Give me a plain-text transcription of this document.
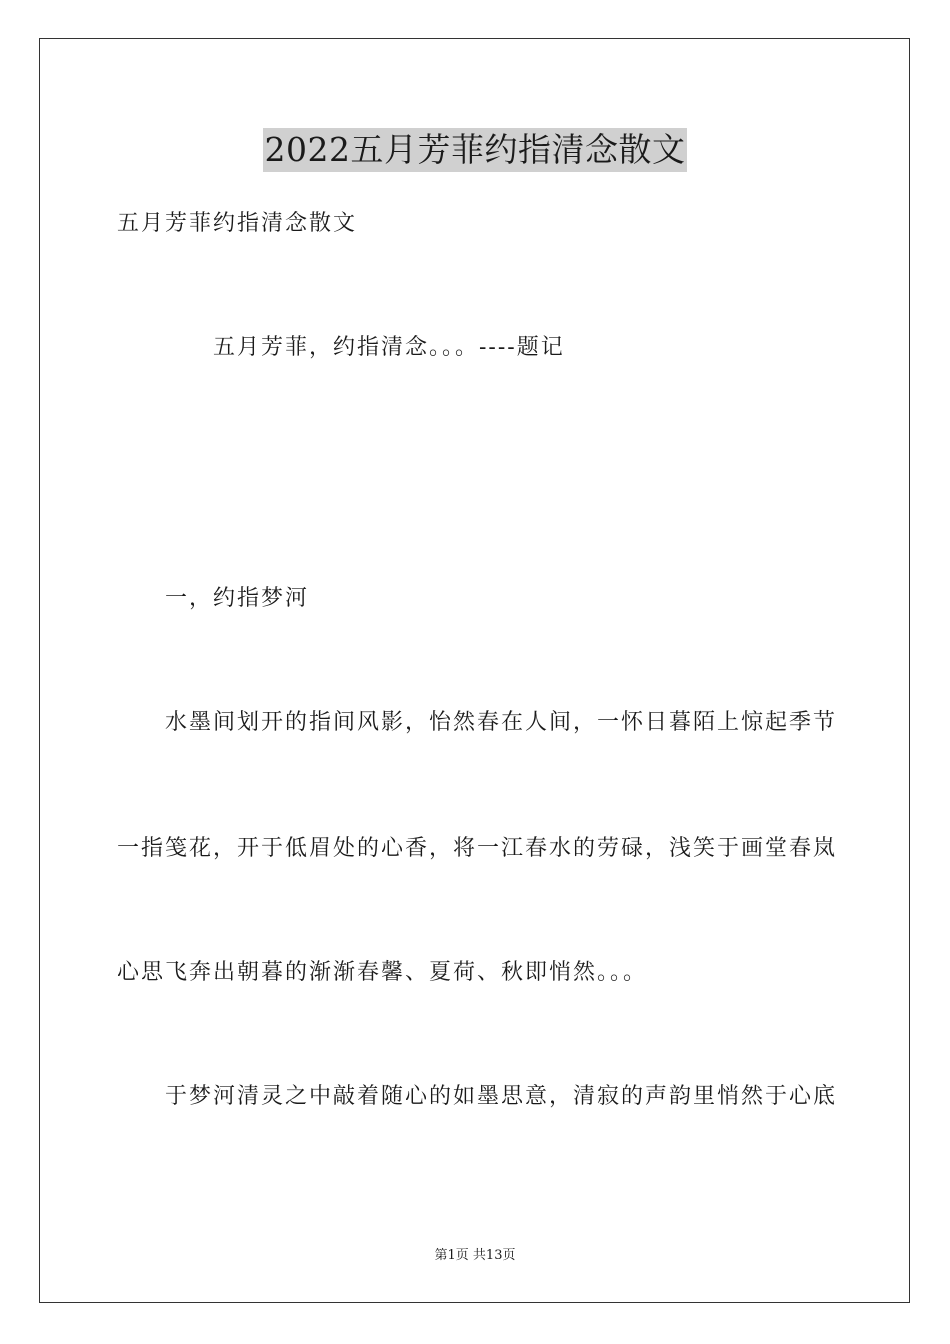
2022五月芳菲约指清念散文
五月芳菲约指清念散文
五月芳菲，约指清念。。。----题记
一，约指梦河
水墨间划开的指间风影，怡然春在人间，一怀日暮陌上惊起季节
一指笺花，开于低眉处的心香，将一江春水的劳碌，浅笑于画堂春岚
心思飞奔出朝暮的渐渐春馨、夏荷、秋即悄然。。。
于梦河清灵之中敲着随心的如墨思意，清寂的声韵里悄然于心底
第1页 共13页
